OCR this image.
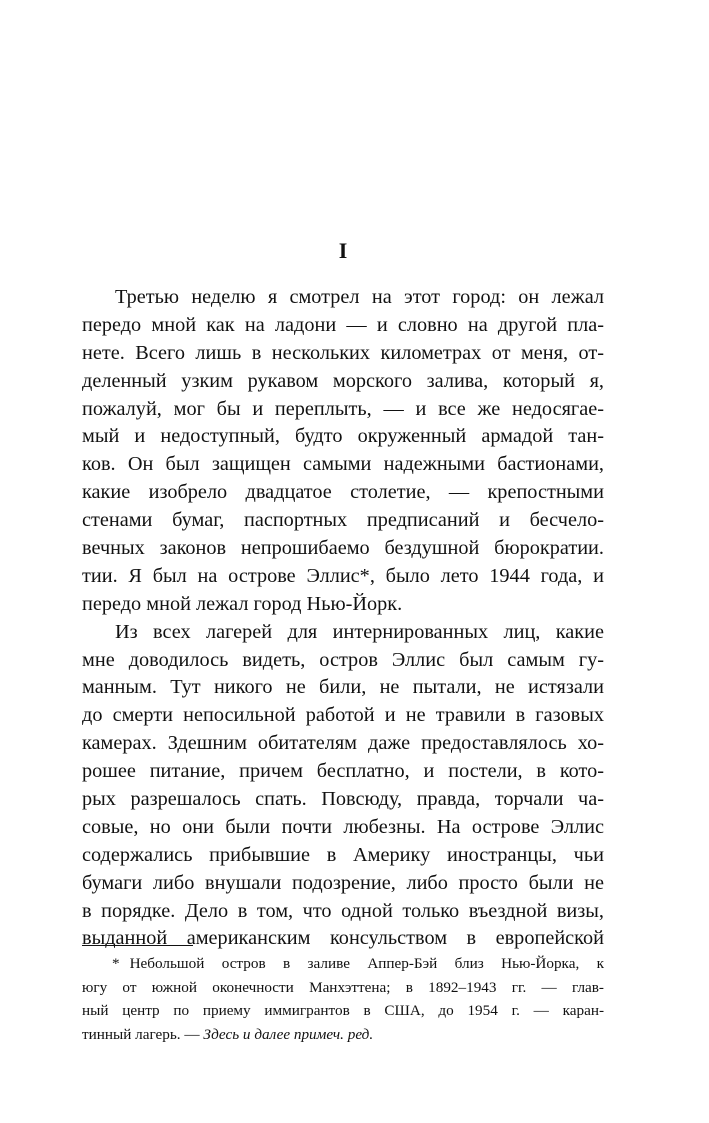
I
Третью неделю я смотрел на этот город: он лежал
передо мной как на ладони — и словно на другой пла-
нете. Всего лишь в нескольких километрах от меня, от-
деленный узким рукавом морского залива, который я,
пожалуй, мог бы и переплыть, — и все же недосягае-
мый и недоступный, будто окруженный армадой тан-
ков. Он был защищен самыми надежными бастионами,
какие изобрело двадцатое столетие, — крепостными
стенами бумаг, паспортных предписаний и бесчело-
вечных законов непрошибаемо бездушной бюрократии.
тии. Я был на острове Эллис*, было лето 1944 года, и
передо мной лежал город Нью-Йорк.
Из всех лагерей для интернированных лиц, какие
мне доводилось видеть, остров Эллис был самым гу-
манным. Тут никого не били, не пытали, не истязали
до смерти непосильной работой и не травили в газовых
камерах. Здешним обитателям даже предоставлялось хо-
рошее питание, причем бесплатно, и постели, в кото-
рых разрешалось спать. Повсюду, правда, торчали ча-
совые, но они были почти любезны. На острове Эллис
содержались прибывшие в Америку иностранцы, чьи
бумаги либо внушали подозрение, либо просто были не
в порядке. Дело в том, что одной только въездной визы,
выданной американским консульством в европейской
* Небольшой остров в заливе Аппер-Бэй близ Нью-Йорка, к
югу от южной оконечности Манхэттена; в 1892–1943 гг. — глав-
ный центр по приему иммигрантов в США, до 1954 г. — каран-
тинный лагерь. — Здесь и далее примеч. ред.
